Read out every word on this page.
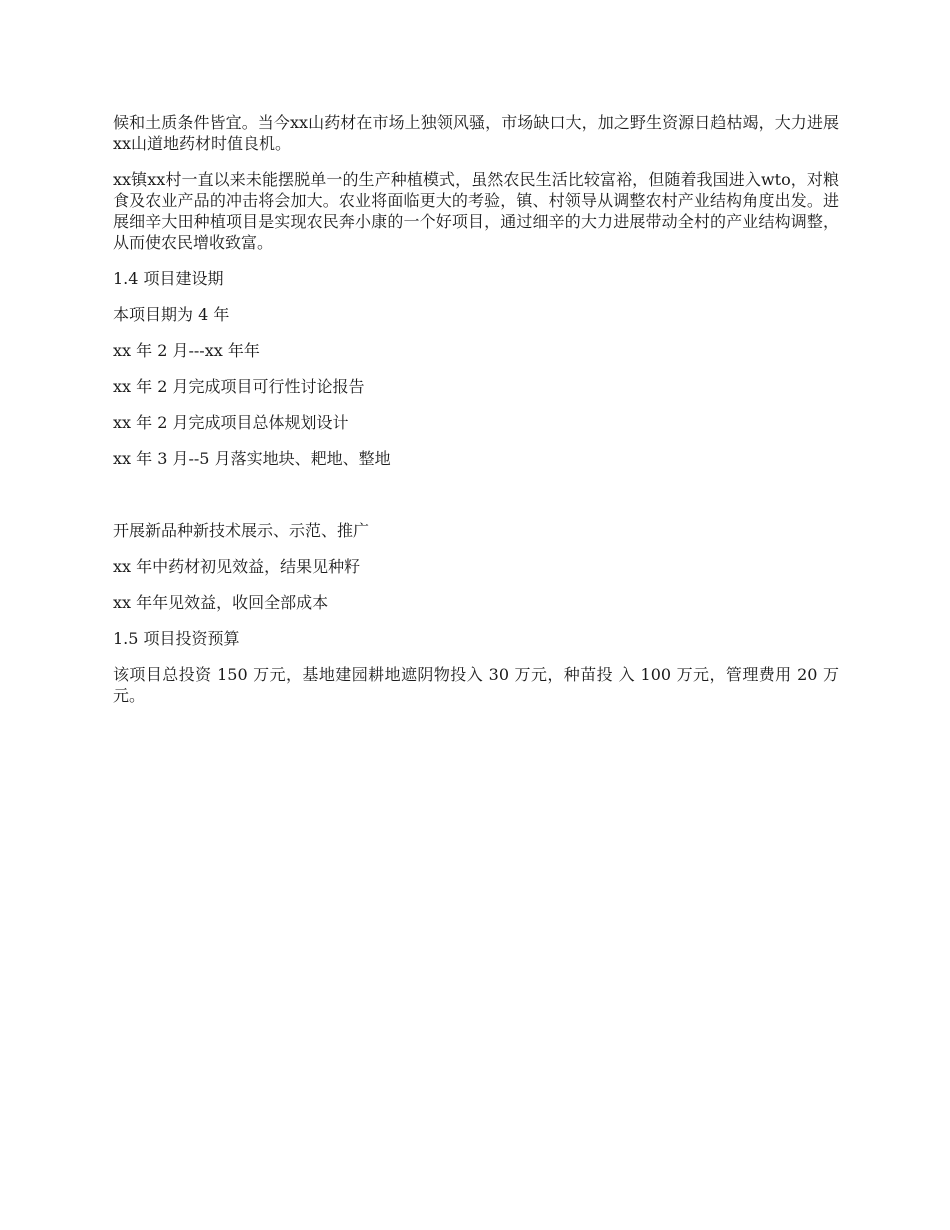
候和土质条件皆宜。当今xx山药材在市场上独领风骚，市场缺口大，加之野生资源日趋枯竭，大力进展xx山道地药材时值良机。

xx镇xx村一直以来未能摆脱单一的生产种植模式，虽然农民生活比较富裕，但随着我国进入wto，对粮食及农业产品的冲击将会加大。农业将面临更大的考验，镇、村领导从调整农村产业结构角度出发。进展细辛大田种植项目是实现农民奔小康的一个好项目，通过细辛的大力进展带动全村的产业结构调整，从而使农民增收致富。

1.4 项目建设期

本项目期为 4 年

xx 年 2 月---xx 年年

xx 年 2 月完成项目可行性讨论报告

xx 年 2 月完成项目总体规划设计

xx 年 3 月--5 月落实地块、耙地、整地

开展新品种新技术展示、示范、推广

xx 年中药材初见效益，结果见种籽

xx 年年见效益，收回全部成本

1.5 项目投资预算

该项目总投资 150 万元，基地建园耕地遮阴物投入 30 万元，种苗投 入 100 万元，管理费用 20 万元。
